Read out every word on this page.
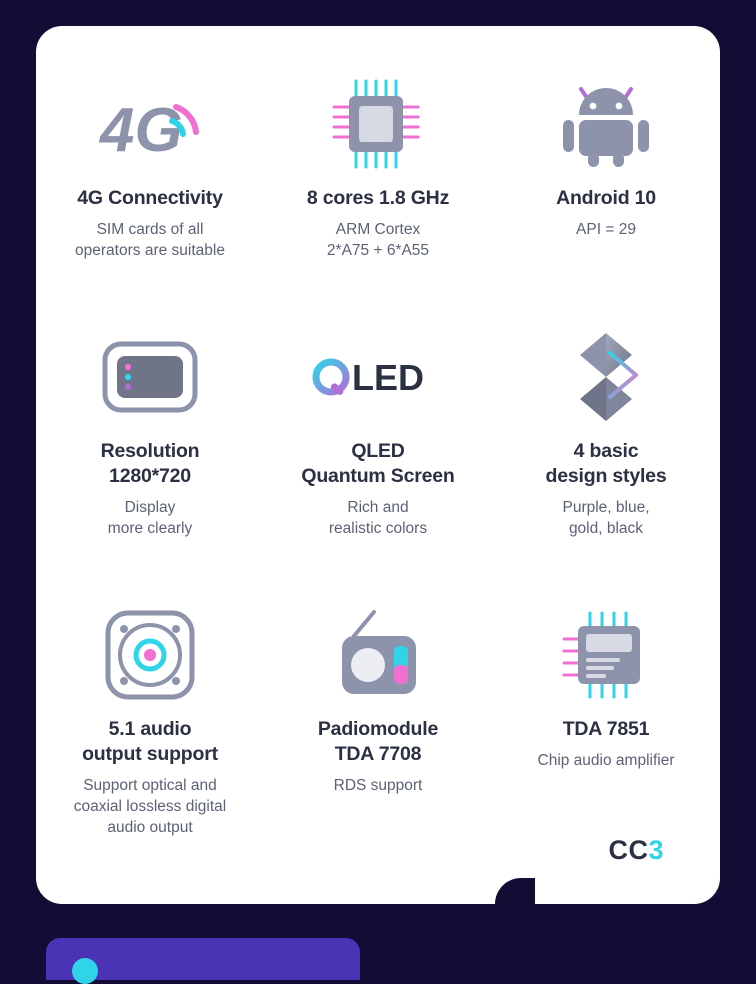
4G
4G Connectivity
SIM cards of all
operators are suitable
8 cores 1.8 GHz
ARM Cortex
2*A75 + 6*A55
Android 10
API = 29
Resolution
1280*720
Display
more clearly
LED
QLED
Quantum Screen
Rich and
realistic colors
4 basic
design styles
Purple, blue,
gold, black
5.1 audio
output support
Support optical and
coaxial lossless digital
audio output
Padiomodule
TDA 7708
RDS support
TDA 7851
Chip audio amplifier
CC3
